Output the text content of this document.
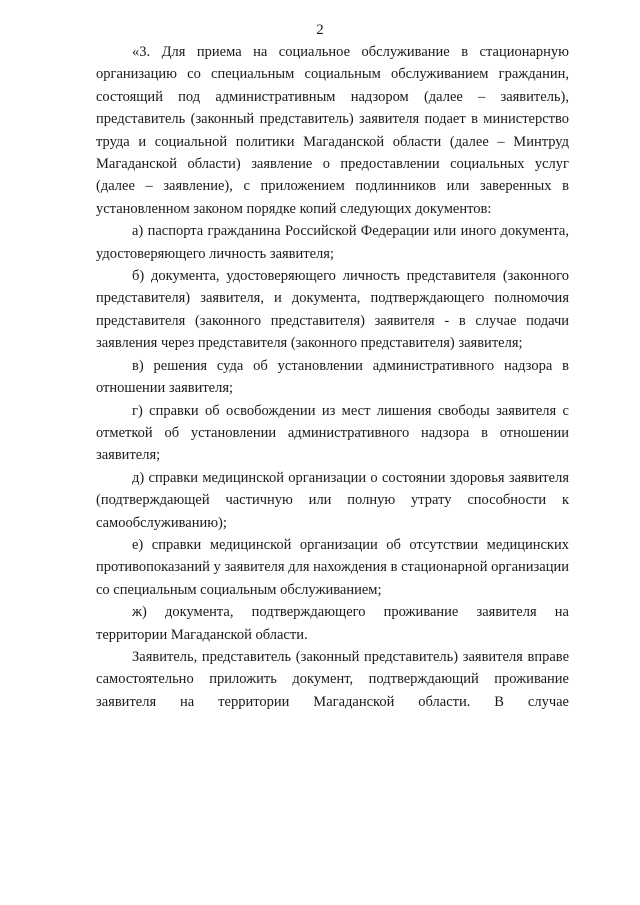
2

«3. Для приема на социальное обслуживание в стационарную организацию со специальным социальным обслуживанием гражданин, состоящий под административным надзором (далее – заявитель), представитель (законный представитель) заявителя подает в министерство труда и социальной политики Магаданской области (далее – Минтруд Магаданской области) заявление о предоставлении социальных услуг (далее – заявление), с приложением подлинников или заверенных в установленном законом порядке копий следующих документов:

а) паспорта гражданина Российской Федерации или иного документа, удостоверяющего личность заявителя;

б) документа, удостоверяющего личность представителя (законного представителя) заявителя, и документа, подтверждающего полномочия представителя (законного представителя) заявителя - в случае подачи заявления через представителя (законного представителя) заявителя;

в) решения суда об установлении административного надзора в отношении заявителя;

г) справки об освобождении из мест лишения свободы заявителя с отметкой об установлении административного надзора в отношении заявителя;

д) справки медицинской организации о состоянии здоровья заявителя (подтверждающей частичную или полную утрату способности к самообслуживанию);

е) справки медицинской организации об отсутствии медицинских противопоказаний у заявителя для нахождения в стационарной организации со специальным социальным обслуживанием;

ж) документа, подтверждающего проживание заявителя на территории Магаданской области.

Заявитель, представитель (законный представитель) заявителя вправе самостоятельно приложить документ, подтверждающий проживание заявителя на территории Магаданской области. В случае
